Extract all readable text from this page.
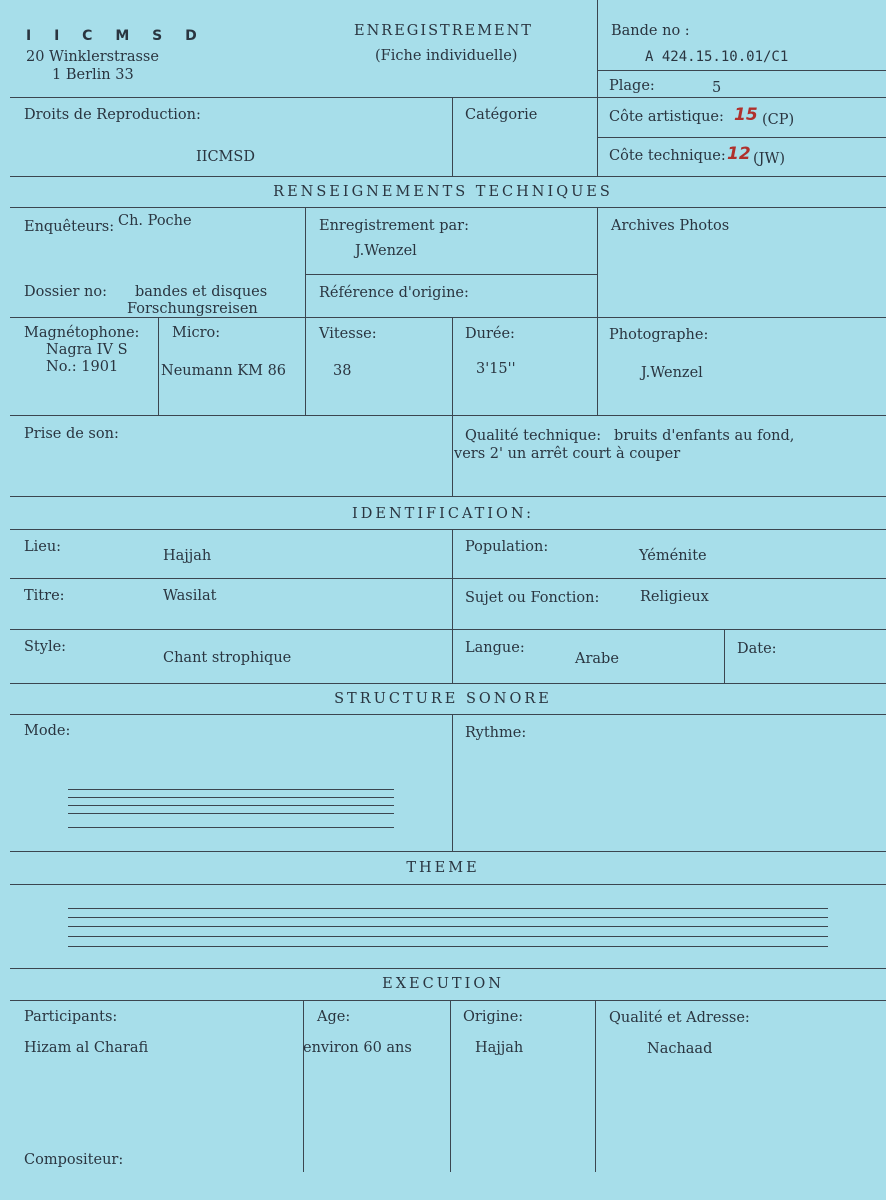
I I C M S D
20 Winklerstrasse
1 Berlin 33
ENREGISTREMENT
(Fiche individuelle)
Bande no :
A 424.15.10.01/C1
Plage:	5
Droits de Reproduction:
IICMSD
Catégorie	Côte artistique: 15 (CP)
Côte technique: 12 (JW)
RENSEIGNEMENTS TECHNIQUES
Enquêteurs: Ch. Poche	Enregistrement par:
J.Wenzel
Archives Photos
Dossier no: bandes et disques
Forschungsreisen
Référence d'origine:
Magnétophone:
Nagra IV S
No.: 1901
Micro:
Neumann KM 86
Vitesse:
38
Durée:
3'15''
Photographe:
J.Wenzel
Prise de son:	Qualité technique: bruits d'enfants au fond,
vers 2' un arrêt court à couper
IDENTIFICATION:
Lieu:
Hajjah
Population:
Yéménite
Titre:	Wasilat	Sujet ou Fonction:	Religieux
Style:
Chant strophique
Langue:
Arabe
Date:
STRUCTURE SONORE
Mode:	Rythme:
THEME
EXECUTION
Participants:
Hizam al Charafi
Age:
environ 60 ans
Origine:
Hajjah
Qualité et Adresse:
Nachaad
Compositeur:
